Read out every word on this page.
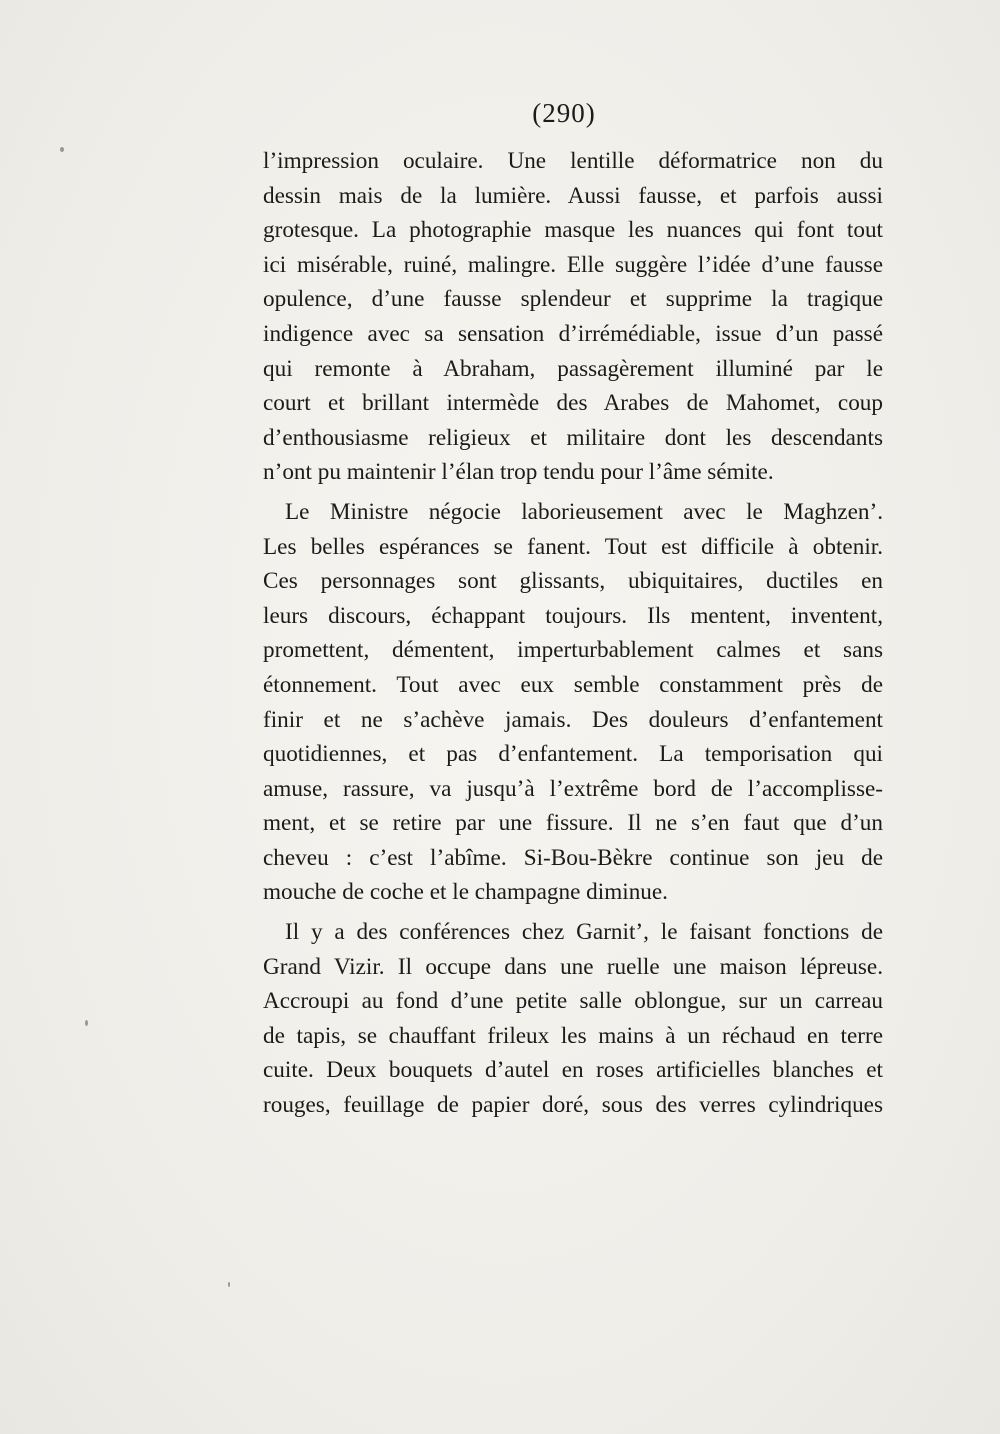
(290)
l’impression oculaire. Une lentille déformatrice non du
dessin mais de la lumière. Aussi fausse, et parfois aussi
grotesque. La photographie masque les nuances qui font tout
ici misérable, ruiné, malingre. Elle suggère l’idée d’une fausse
opulence, d’une fausse splendeur et supprime la tragique
indigence avec sa sensation d’irrémédiable, issue d’un passé
qui remonte à Abraham, passagèrement illuminé par le
court et brillant intermède des Arabes de Mahomet, coup
d’enthousiasme religieux et militaire dont les descendants
n’ont pu maintenir l’élan trop tendu pour l’âme sémite.
Le Ministre négocie laborieusement avec le Maghzen’.
Les belles espérances se fanent. Tout est difficile à obtenir.
Ces personnages sont glissants, ubiquitaires, ductiles en
leurs discours, échappant toujours. Ils mentent, inventent,
promettent, démentent, imperturbablement calmes et sans
étonnement. Tout avec eux semble constamment près de
finir et ne s’achève jamais. Des douleurs d’enfantement
quotidiennes, et pas d’enfantement. La temporisation qui
amuse, rassure, va jusqu’à l’extrême bord de l’accomplisse-
ment, et se retire par une fissure. Il ne s’en faut que d’un
cheveu : c’est l’abîme. Si-Bou-Bèkre continue son jeu de
mouche de coche et le champagne diminue.
Il y a des conférences chez Garnit’, le faisant fonctions de
Grand Vizir. Il occupe dans une ruelle une maison lépreuse.
Accroupi au fond d’une petite salle oblongue, sur un carreau
de tapis, se chauffant frileux les mains à un réchaud en terre
cuite. Deux bouquets d’autel en roses artificielles blanches et
rouges, feuillage de papier doré, sous des verres cylindriques
